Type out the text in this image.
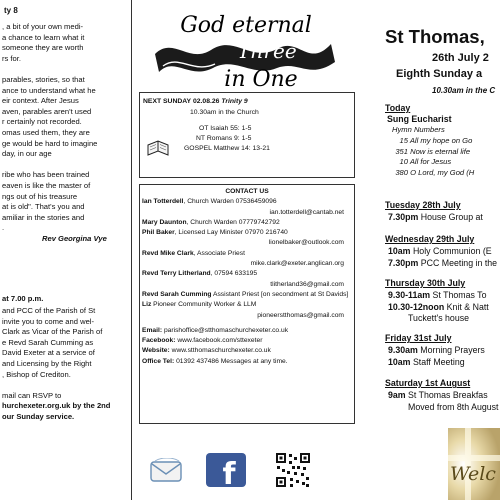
ty 8
, a bit of your own medi-
a chance to learn what it
someone they are worth
rs for.
parables, stories, so that
ance to understand what he
eir context. After Jesus
aven, parables aren't used
r certainly not recorded.
omas used them, they are
ge would be hard to imagine
day, in our age
ribe who has been trained
eaven is like the master of
ngs out of his treasure
at is old". That's you and
amiliar in the stories and
.
Rev Georgina Vye
at 7.00 p.m.
and PCC of the Parish of St
invite you to come and wel-
Clark as Vicar of the Parish of
e Revd Sarah Cumming as
David Exeter at a service of
and Licensing by the Right
, Bishop of Crediton.
mail can RSVP to
hurchexeter.org.uk by the 2nd
our Sunday service.
God eternal
Three
in One
NEXT SUNDAY 02.08.26 Trinity 9
10.30am in the Church
OT Isaiah 55: 1-5
NT Romans 9: 1-5
GOSPEL Matthew 14: 13-21
CONTACT US
Ian Totterdell, Church Warden 07536459096
ian.totterdell@cantab.net
Mary Daunton, Church Warden 07779742792
Phil Baker, Licensed Lay Minister 07970 216740
lionelbaker@outlook.com
Revd Mike Clark, Associate Priest
mike.clark@exeter.anglican.org
Revd Terry Litherland, 07594 633195
tlitherland36@gmail.com
Revd Sarah Cumming Assistant Priest [on secondment at St Davids]
Liz Pioneer Community Worker & LLM
pioneerstthomas@gmail.com
Email: parishoffice@stthomaschurchexeter.co.uk
Facebook: www.facebook.com/sttexeter
Website: www.stthomaschurchexeter.co.uk
Office Tel: 01392 437486 Messages at any time.
f
St Thomas,
26th July 2
Eighth Sunday a
10.30am in the C
Today
Sung Eucharist
Hymn Numbers
15 All my hope on Go
351 Now is eternal life
10 All for Jesus
380 O Lord, my God (H
Tuesday 28th July
7.30pm House Group at
Wednesday 29th July
10am Holy Communion (E
7.30pm PCC Meeting in the
Thursday 30th July
9.30-11am St Thomas To
10.30-12noon Knit & Natt
Tuckett's house
Friday 31st July
9.30am Morning Prayers
10am Staff Meeting
Saturday 1st August
9am St Thomas Breakfas
Moved from 8th August
Welc
